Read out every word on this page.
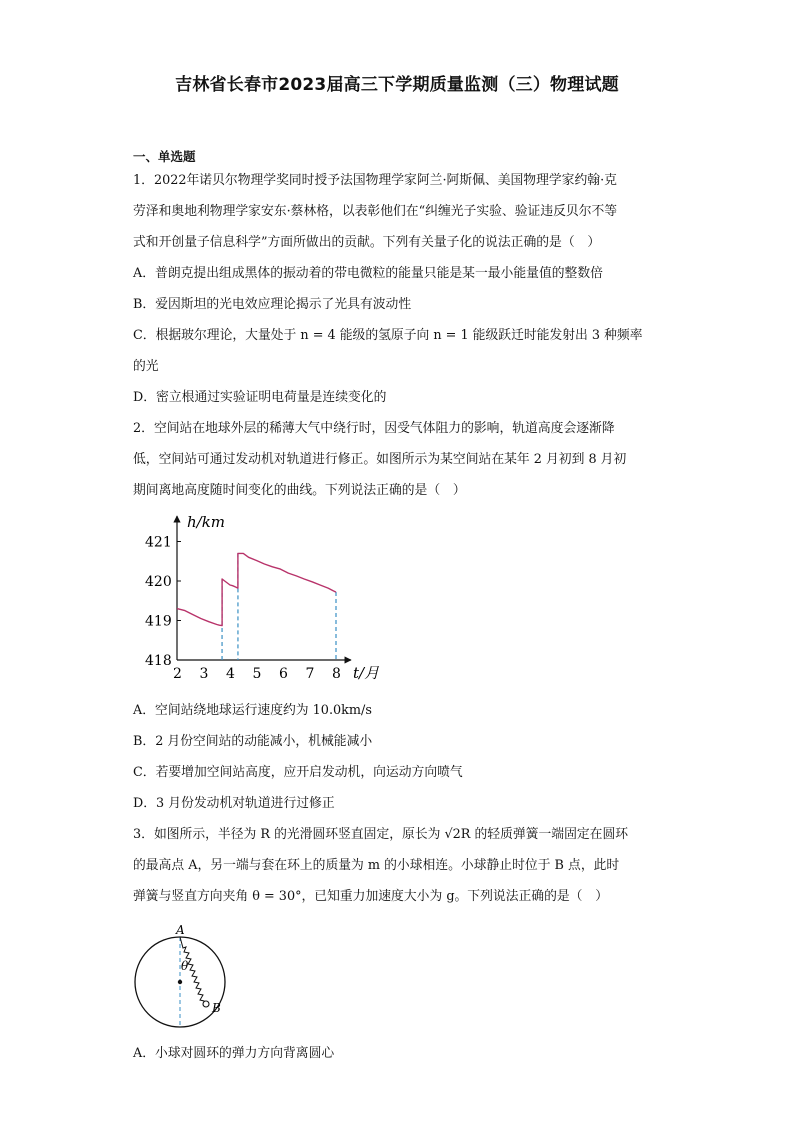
吉林省长春市2023届高三下学期质量监测（三）物理试题
一、单选题
1．2022年诺贝尔物理学奖同时授予法国物理学家阿兰·阿斯佩、美国物理学家约翰·克
劳泽和奥地利物理学家安东·蔡林格，以表彰他们在“纠缠光子实验、验证违反贝尔不等
式和开创量子信息科学”方面所做出的贡献。下列有关量子化的说法正确的是（　）
A．普朗克提出组成黑体的振动着的带电微粒的能量只能是某一最小能量值的整数倍
B．爱因斯坦的光电效应理论揭示了光具有波动性
C．根据玻尔理论，大量处于 n = 4 能级的氢原子向 n = 1 能级跃迁时能发射出 3 种频率
的光
D．密立根通过实验证明电荷量是连续变化的
2．空间站在地球外层的稀薄大气中绕行时，因受气体阻力的影响，轨道高度会逐渐降
低，空间站可通过发动机对轨道进行修正。如图所示为某空间站在某年 2 月初到 8 月初
期间离地高度随时间变化的曲线。下列说法正确的是（　）
h/km
t/月
418
419
420
421
2 3 4 5 6 7 8
A．空间站绕地球运行速度约为 10.0km/s
B．2 月份空间站的动能减小，机械能减小
C．若要增加空间站高度，应开启发动机，向运动方向喷气
D．3 月份发动机对轨道进行过修正
3．如图所示，半径为 R 的光滑圆环竖直固定，原长为 √2R 的轻质弹簧一端固定在圆环
的最高点 A，另一端与套在环上的质量为 m 的小球相连。小球静止时位于 B 点，此时
弹簧与竖直方向夹角 θ = 30°，已知重力加速度大小为 g。下列说法正确的是（　）
A
B
θ
A．小球对圆环的弹力方向背离圆心
